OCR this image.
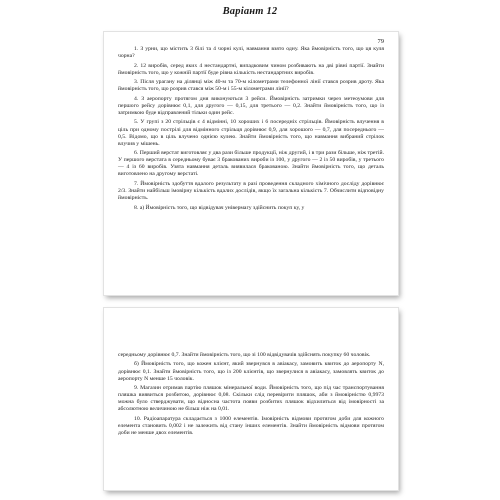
Варіант 12
79

1. З урни, що містить 3 білі та 4 чорні кулі, навмання взято одну. Яка ймовірність того, що ця куля чорна?

2. 12 виробів, серед яких 4 нестандартні, випадковим чином розбивають на дві рівні партії. Знайти ймовірність того, що у кожній партії буде рівна кількість нестандартних виробів.

3. Після урагану на ділянці між 40-м та 70-м кілометрами телефонної лінії стався розрив дроту. Яка ймовірність того, що розрив стався між 50-м і 55-м кілометрами лінії?

4. З аеропорту протягом дня виконуються 3 рейси. Ймовірність затримки через метеоумови для першого рейсу дорівнює 0,1, для другого — 0,15, для третього — 0,2. Знайти ймовірність того, що із затримкою буде відправлений тільки один рейс.

5. У групі з 20 стрільців є 4 відмінні, 10 хороших і 6 посередніх стрільців. Ймовірність влучення в ціль при одному пострілі для відмінного стрільця дорівнює 0,9, для хорошого — 0,7, для посереднього — 0,5. Відомо, що в ціль влучено однією кулею. Знайти ймовірність того, що навмання вибраний стрілок влучив у мішень.

6. Перший верстат виготовляє у два рази більше продукції, ніж другий, і в три рази більше, ніж третій. У першого верстата в середньому буває 3 бракованих вироби із 100, у другого — 2 із 50 виробів, у третього — 4 із 60 виробів. Узята навмання деталь виявилася бракованою. Знайти ймовірність того, що деталь виготовлено на другому верстаті.

7. Ймовірність здобуття вдалого результату в разі проведення складного хімічного досліду дорівнює 2/3. Знайти найбільш імовірну кількість вдалих дослідів, якщо їх загальна кількість 7. Обчислити відповідну ймовірність.

8. а) Ймовірність того, що відвідувач універмагу здійснить покуп ку, у

середньому дорівнює 0,7. Знайти ймовірність того, що зі 100 відвідувачів здійснять покупку 60 чоловік.

б) Ймовірність того, що кожен клієнт, який звернувся в авіакасу, замовить квиток до аеропорту N, дорівнює 0,1. Знайти ймовірність того, що із 200 клієнтів, що звернулися в авіакасу, замовлять квиток до аеропорту N менше 15 чоловік.

9. Магазин отримав партію пляшок мінеральної води. Ймовірність того, що під час транспортування пляшка виявиться розбитою, дорівнює 0,08. Скільки слід перевірити пляшок, аби з ймовірністю 0,9973 можна було стверджувати, що відносна частота появи розбитих пляшок відхилиться від імовірності за абсолютною величиною не більш ніж на 0,01.

10. Радіоапаратура складається з 1000 елементів. Імовірність відмови протягом доби для кожного елемента становить 0,002 і не залежить від стану інших елементів. Знайти ймовірність відмови протягом доби не менше двох елементів.
